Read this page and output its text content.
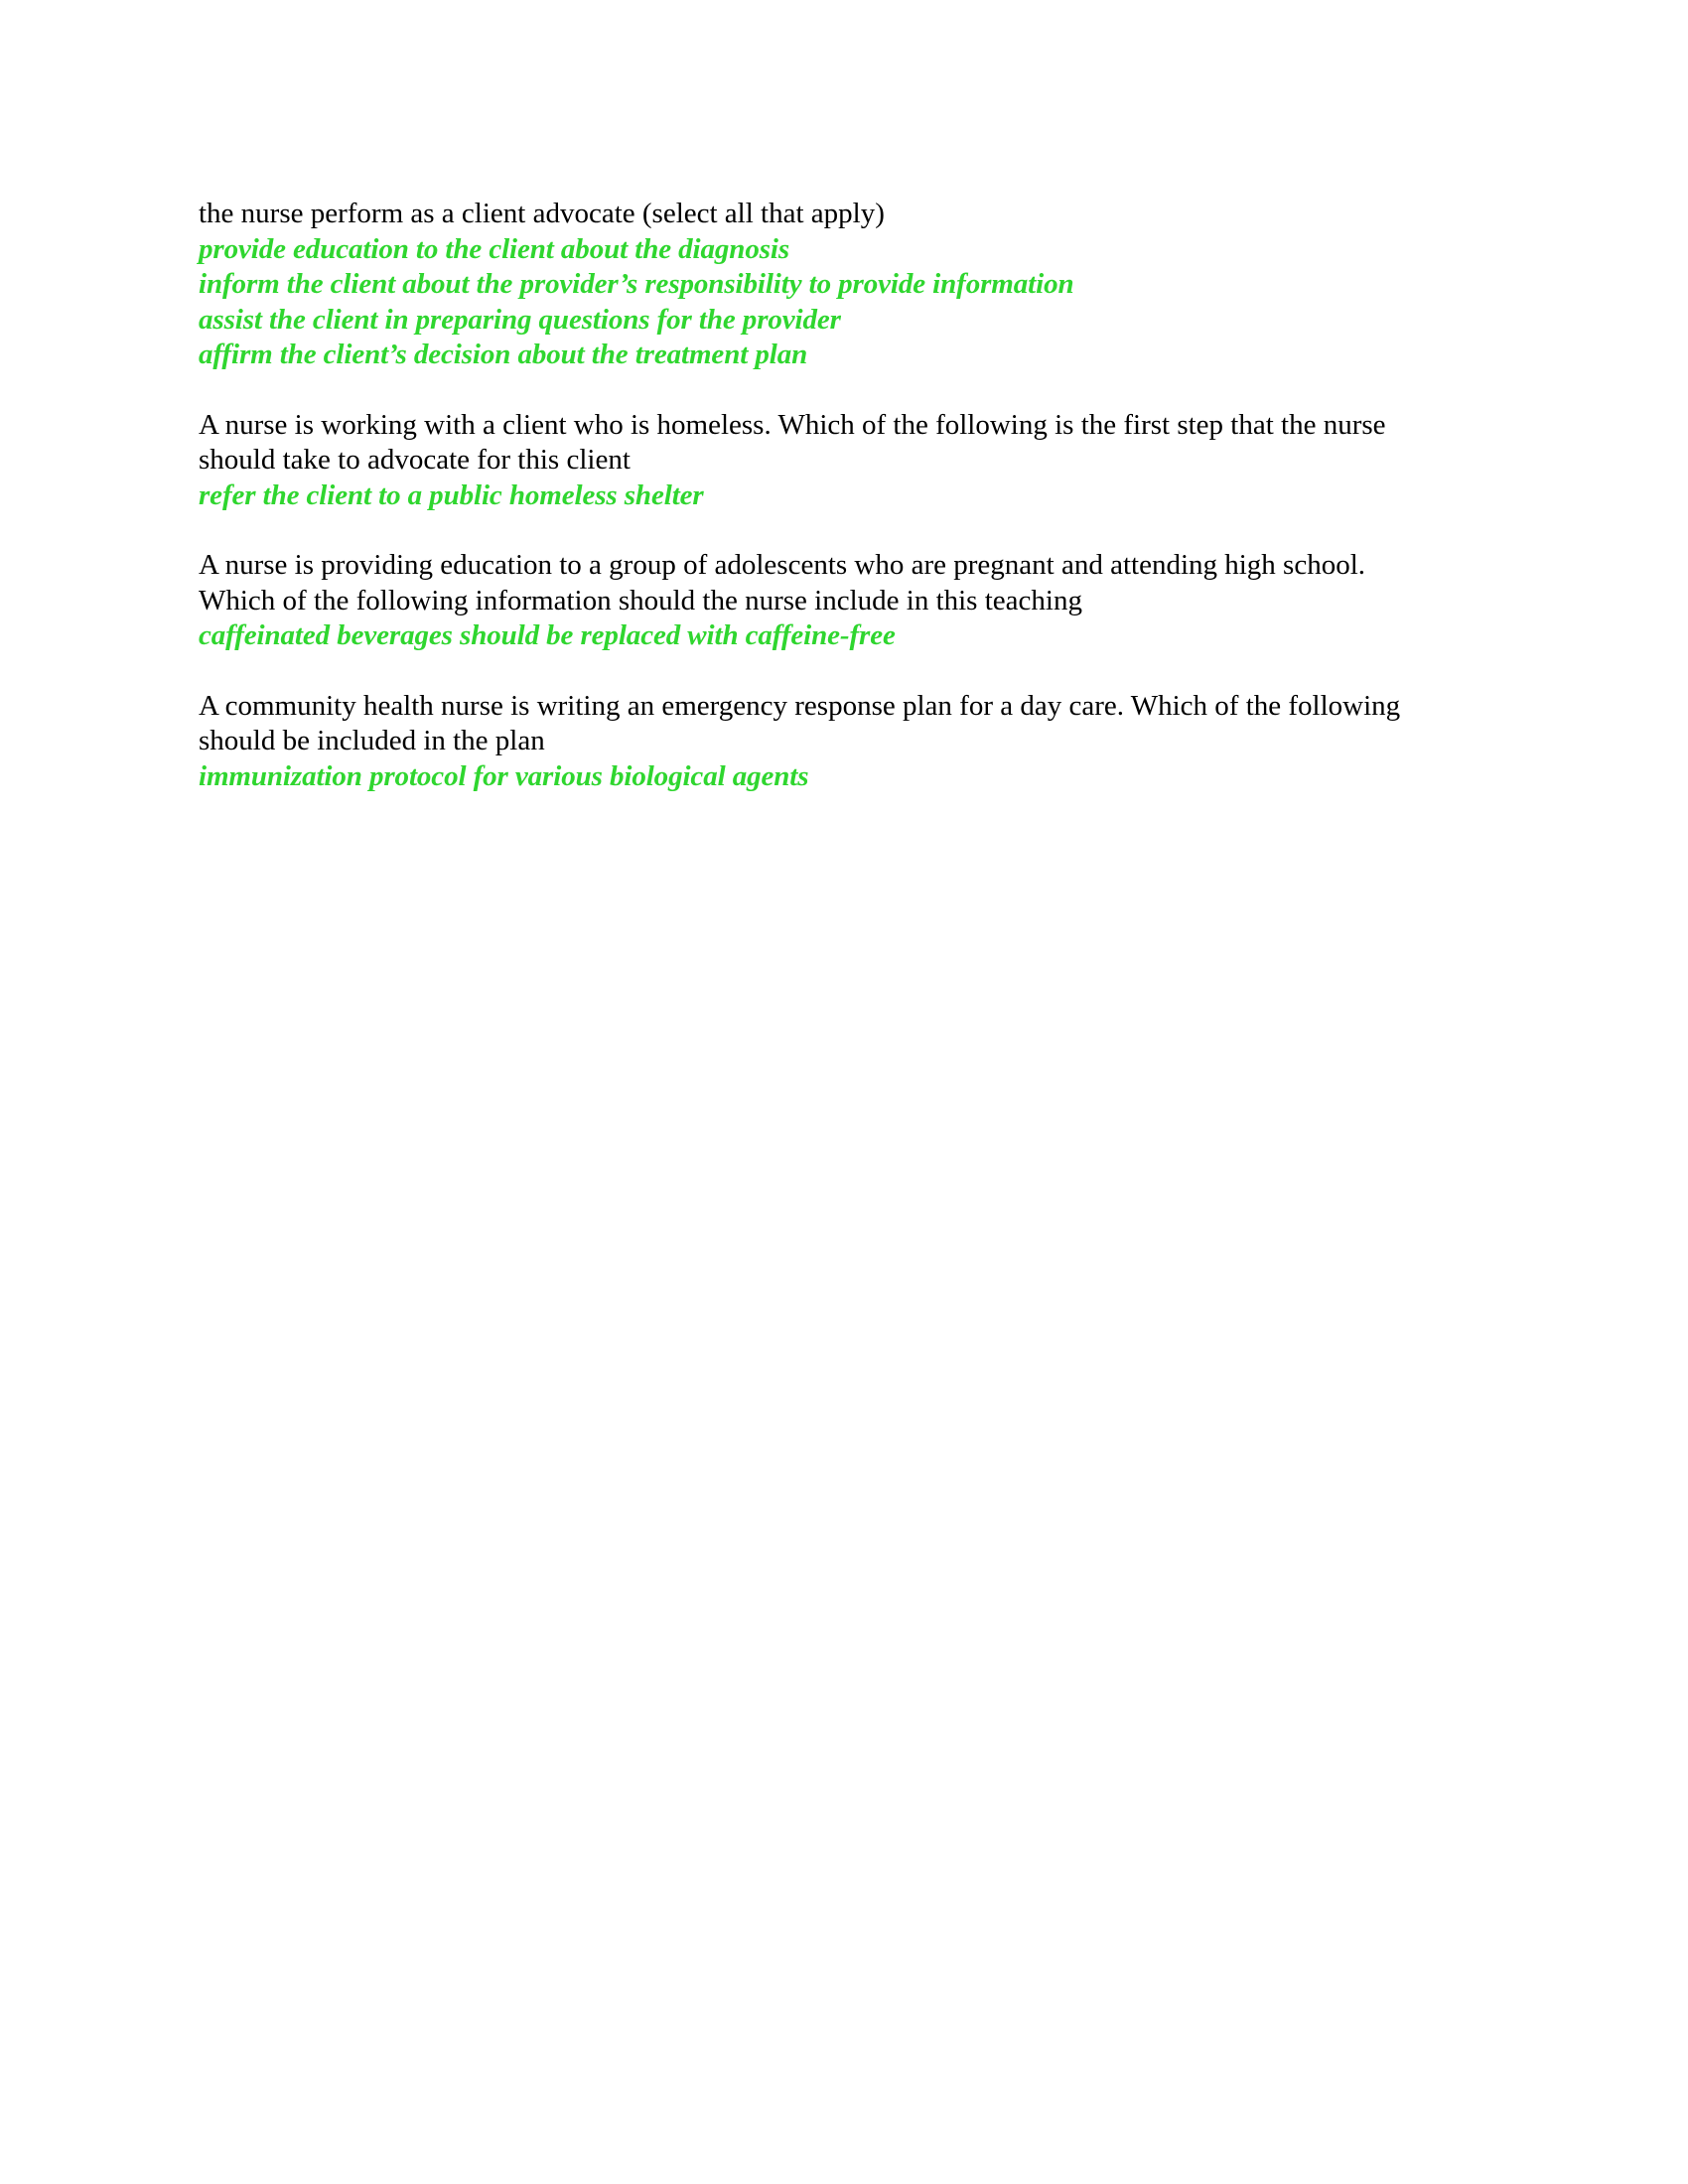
the nurse perform as a client advocate (select all that apply)

provide education to the client about the diagnosis
inform the client about the provider’s responsibility to provide information
assist the client in preparing questions for the provider
affirm the client’s decision about the treatment plan

A nurse is working with a client who is homeless. Which of the following is the first step that the nurse
should take to advocate for this client

refer the client to a public homeless shelter

A nurse is providing education to a group of adolescents who are pregnant and attending high school.
Which of the following information should the nurse include in this teaching

caffeinated beverages should be replaced with caffeine-free

A community health nurse is writing an emergency response plan for a day care. Which of the following
should be included in the plan

immunization protocol for various biological agents
